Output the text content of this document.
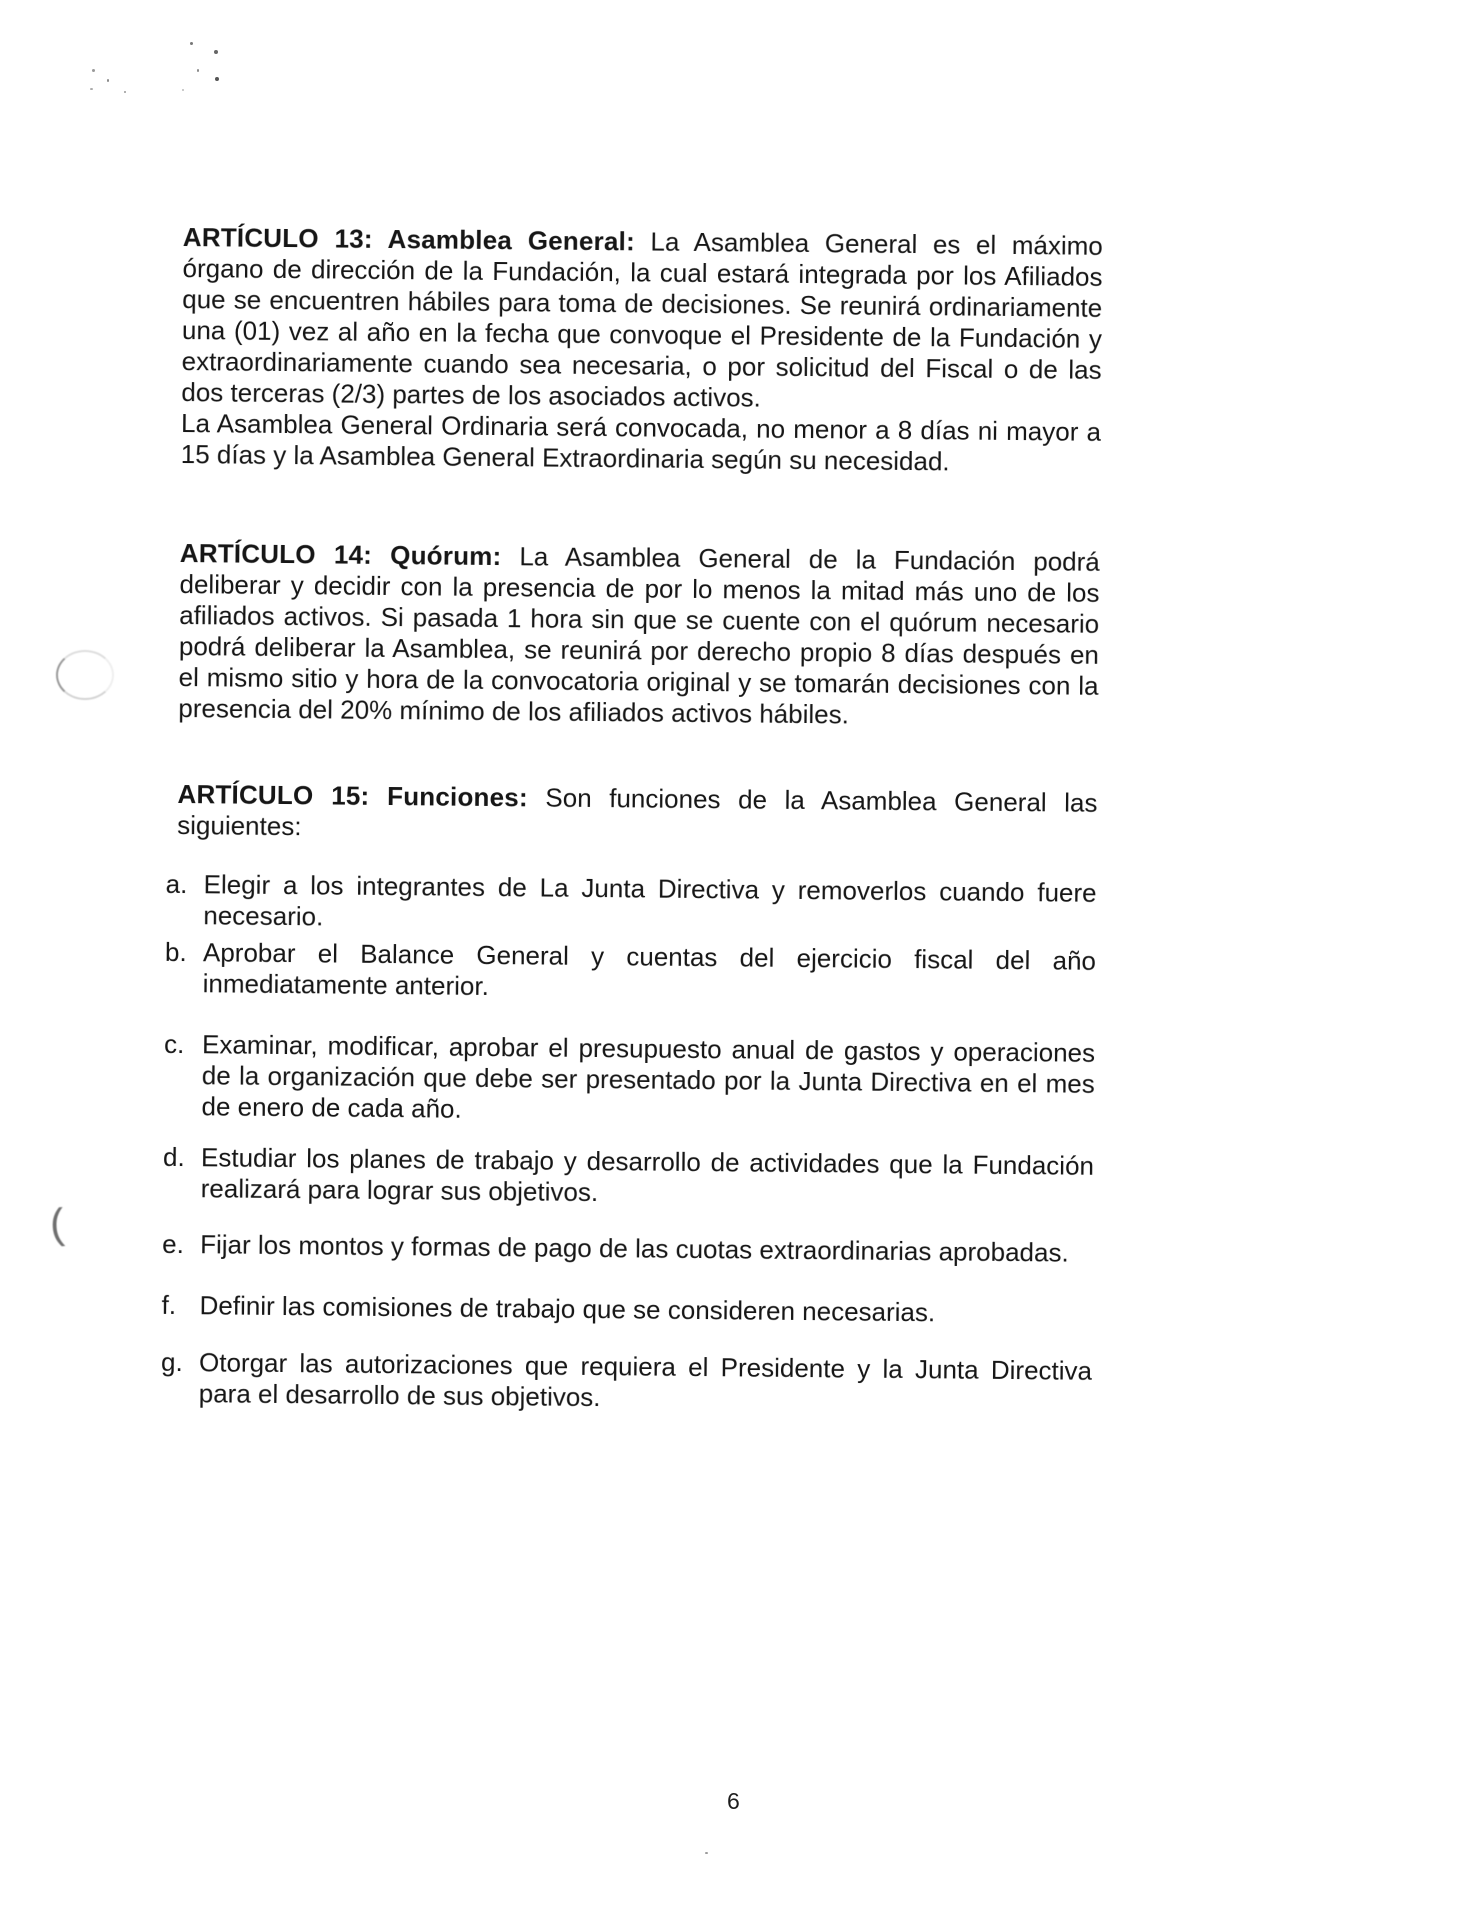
(

ARTÍCULO 13: Asamblea General: La Asamblea General es el máximo órgano de dirección de la Fundación, la cual estará integrada por los Afiliados que se encuentren hábiles para toma de decisiones. Se reunirá ordinariamente una (01) vez al año en la fecha que convoque el Presidente de la Fundación y extraordinariamente cuando sea necesaria, o por solicitud del Fiscal o de las dos terceras (2/3) partes de los asociados activos.

La Asamblea General Ordinaria será convocada, no menor a 8 días ni mayor a 15 días y la Asamblea General Extraordinaria según su necesidad.

ARTÍCULO 14: Quórum: La Asamblea General de la Fundación podrá deliberar y decidir con la presencia de por lo menos la mitad más uno de los afiliados activos. Si pasada 1 hora sin que se cuente con el quórum necesario podrá deliberar la Asamblea, se reunirá por derecho propio 8 días después en el mismo sitio y hora de la convocatoria original y se tomarán decisiones con la presencia del 20% mínimo de los afiliados activos hábiles.

ARTÍCULO 15: Funciones: Son funciones de la Asamblea General las siguientes:

a. Elegir a los integrantes de La Junta Directiva y removerlos cuando fuere necesario.
b. Aprobar el Balance General y cuentas del ejercicio fiscal del año inmediatamente anterior.
c. Examinar, modificar, aprobar el presupuesto anual de gastos y operaciones de la organización que debe ser presentado por la Junta Directiva en el mes de enero de cada año.
d. Estudiar los planes de trabajo y desarrollo de actividades que la Fundación realizará para lograr sus objetivos.
e. Fijar los montos y formas de pago de las cuotas extraordinarias aprobadas.
f. Definir las comisiones de trabajo que se consideren necesarias.
g. Otorgar las autorizaciones que requiera el Presidente y la Junta Directiva para el desarrollo de sus objetivos.
6
